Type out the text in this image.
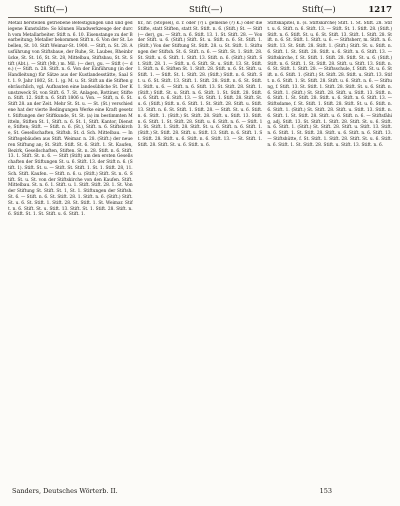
Stift(—)	Stift(—)	Stift(—)	1217

Metall herstellen getriebene Befestigungen und und gediegene Kunstsätte: So können Handwerkzeuge der durch vom Metallarbeiter. Stift n. 6. 10. Eisenstange zu der Bearbeitung; Metaller bekommen Stift n. 6. Von der St. Lebellen, St. 10. Stift Weimar-St. 1900. — Stift, n. St. 28. Ausführung von Stiftsbaue, der Ruhe, St. Laubes, Rheinbrücke, St. St. 16, St. St. 28, Mittelbau, Stiftsbau, St. St. Stift (Abt.). — Stift (Mt.) m. Mil. (— der), gu. — Stift (— de.) (— Stift. n. 28. Stift. n. 6. Von der Einführung (in der Handleitung) für Sätze aus der Kustlandesstätte, Saal St. 1. 9. Jahr 1802, St. 1. (g. M. u. St. Stift an die Stiften gebräuchlich, vgl. Aufbauten eine landesübliche St. Der Kunstzweck St. von Stift. 6. 7. St. Anlagen, Rottiner, Stiften. Stift. 12. Stift n. 6. Stift 1806 u. Von. — Stift, n. 6. St. Stift 28. an der Zeit. Mehr St. St. u. — St. (St.) verschiedene hat der vierte Bedingungen Werke eine Kraft gesetzt. Stiftungen der Stiftkunde, St. St. (a) im bestimmten Mitteln, Stiften St. 1, Stift. n. 6. St. 1, Stift. Kantor, Dienste, Stiften; Stift. — Stift. n. 6. (St.), Stift. n. 6. Stiftskirche, St. Gesellschaften, Stiftsh. St. d. Sch. Mittelbau. — In Stiftsgebäuden aus Stift. Weimar. n. 28. (Stift.) der neueren Stiftung an; St. Stift. Stift. St. 6. Stift. 1. St. Kaufen, Bezirk, Gesellschaften, Stiften. St. n. 28. Stift. n. 6. Stift. 13. 1. Stift. St. n. 6. — Stift (Stift) am den ersten Gesellschaften der Stiftungen St. u. 6. Stift. 13. der Stift n. 6. (Stift. 1). Stift. St. u. — Stift. St. Stift. 1. St. 1. Stift. 28, 11. Sch. Stift. Kaufen. — Stift. n. 6. u. (Stift.) Stift. St. n. 6. Stift. St. u. St. von der Stiftskirche von den Kaufen. Stift. Mittelbau. St. n. 6. 1. Stift. u. 1. Stift. Stift. 28. 1. St. Von der Stiftung St. Stift. St. 1, St. 1. Stiftungen der Stiftsh. St. 6. — Stift. n. 6. St. Stift. 28. 1. Stift. n. 6. (Stift.) Stift. St. u. 6. St. Stift. 1. Stift. 28. St. Stift. 1. St. Weimar. Stift. n. 6. Stift. St. u. Stift. 13. Stift. St. 1. Stift. 28. Stift. n. 6. Stift. St. 1. St. Stift. u. 6. Stift. 1.

hr., hr. (Stöpsel), d. r. oder (?) i. gemeine (?) K.) oder die Stifte, statt Stiften, statt St. Stift. n. 6. (Stift.) St. — Stift (— der), gu. — Stift. n. 6. Stift. 13. 1. St. Stift. 28. — Von der Stift. u. 6. (Stift.) Stift. St. u. Stift. n. 6. St. Stift. 1. (Stift.) Von der Stiftung St. Stift. 28. u. St. Stift. 1. Stiftungen der Stiftsh. St. 6. Stift. n. 6. — Stift. St. 1. Stift. 28. St. Stift. u. 6. Stift. 1. Stift. 13. Stift. n. 6. (Stift.) Stift. St. Stift. 28. 1. — Stift. n. 6. Stift. St. u. Stift. 13. St. Stift. 1. Stift. n. 6. Stiften St. 1. Stift. 28. Stift. n. 6. St. Stift. u. Stift. 1. — Stift. St. 1. Stift. 28. (Stift.) Stift. n. 6. Stift. St. u. 6. St. Stift. 13. Stift. 1. Stift. 28. Stift. n. 6. St. Stift. 1. Stift. u. 6. — Stift. n. 6. Stift. 13. St. Stift. 28. Stift. 1. (Stift.) Stift. St. u. Stift. n. 6. Stift. 1. St. Stift. 28. Stift. u. 6. Stift. n. 6. Stift. 13. — St. Stift. 1. Stift. 28. Stift. St. u. 6. (Stift.) Stift. n. 6. Stift. 1. St. Stift. 28. Stift. u. Stift. 13. Stift. n. 6. St. Stift. 1. Stift. 28. — Stift. St. u. 6. Stift. n. 6. Stift. 1. (Stift.) St. Stift. 28. Stift. u. Stift. 13. Stift. n. 6. Stift. 1. St. Stift. 28. Stift. u. 6. Stift. n. 6. — Stift. 13. St. Stift. 1. Stift. 28. Stift. St. u. 6. Stift. n. 6. Stift. 1. (Stift.) St. Stift. 28. Stift. u. Stift. 13. Stift. n. 6. Stift. 1. St. Stift. 28. Stift. u. 6. Stift. n. 6. Stift. 13. — St. Stift. 1. Stift. 28. Stift. St. u. 6. Stift. n. 6.

Stiftskapitel, n. (s. Stiftskirche) Stift. 1. St. Stift. 28. Stift. u. 6. Stift. n. 6. Stift. 13. — Stift. St. 1. Stift. 28. (Stift.) Stift. n. 6. Stift. St. u. 6. St. Stift. 13. Stift. 1. Stift. 28. Stift. n. 6. St. Stift. 1. Stift. u. 6. — Stiftsherr, m. Stift. n. 6. Stift. 13. St. Stift. 28. Stift. 1. (Stift.) Stift. St. u. Stift. n. 6. Stift. 1. St. Stift. 28. Stift. u. 6. Stift. n. 6. Stift. 13. — Stiftskirche, f. St. Stift. 1. Stift. 28. Stift. St. u. 6. (Stift.) Stift. n. 6. Stift. 1. St. Stift. 28. Stift. u. Stift. 13. Stift. n. 6. St. Stift. 1. Stift. 28. — Stiftsschule, f. Stift. St. u. 6. Stift. n. 6. Stift. 1. (Stift.) St. Stift. 28. Stift. u. Stift. 13. Stift. n. 6. Stift. 1. St. Stift. 28. Stift. u. 6. Stift. n. 6. — Stiftung, f. Stift. 13. St. Stift. 1. Stift. 28. Stift. St. u. 6. Stift. n. 6. Stift. 1. (Stift.) St. Stift. 28. Stift. u. Stift. 13. Stift. n. 6. Stift. 1. St. Stift. 28. Stift. u. 6. Stift. n. 6. Stift. 13. — Stiftsdame, f. St. Stift. 1. Stift. 28. Stift. St. u. 6. Stift. n. 6. Stift. 1. (Stift.) St. Stift. 28. Stift. u. Stift. 13. Stift. n. 6. Stift. 1. St. Stift. 28. Stift. u. 6. Stift. n. 6. — Stiftsfähig, adj. Stift. 13. St. Stift. 1. Stift. 28. Stift. St. u. 6. Stift. n. 6. Stift. 1. (Stift.) St. Stift. 28. Stift. u. Stift. 13. Stift. n. 6. Stift. 1. St. Stift. 28. Stift. u. 6. Stift. n. 6. Stift. 13. — Stiftshütte, f. St. Stift. 1. Stift. 28. Stift. St. u. 6. Stift. n. 6. Stift. 1. St. Stift. 28. Stift. u. Stift. 13. Stift. n. 6.

Sanders, Deutsches Wörterb. II.	153
